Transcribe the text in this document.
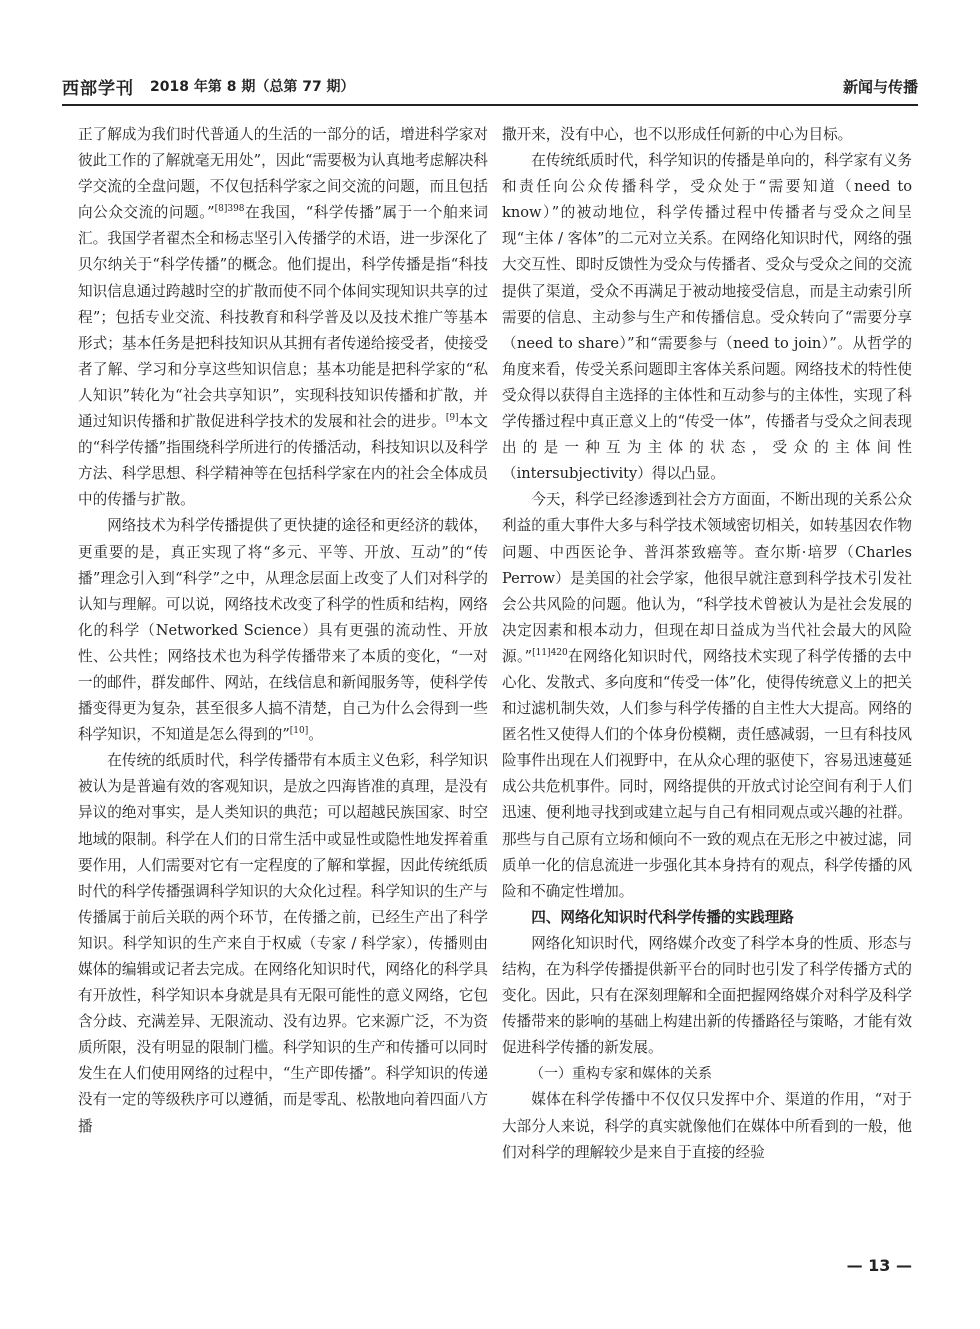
西部学刊 2018 年第 8 期（总第 77 期）	新闻与传播

正了解成为我们时代普通人的生活的一部分的话，增进科学家对彼此工作的了解就毫无用处”，因此“需要极为认真地考虑解决科学交流的全盘问题，不仅包括科学家之间交流的问题，而且包括向公众交流的问题。”$^{[8]398}$在我国，“科学传播”属于一个舶来词汇。我国学者翟杰全和杨志坚引入传播学的术语，进一步深化了贝尔纳关于“科学传播”的概念。他们提出，科学传播是指“科技知识信息通过跨越时空的扩散而使不同个体间实现知识共享的过程”；包括专业交流、科技教育和科学普及以及技术推广等基本形式；基本任务是把科技知识从其拥有者传递给接受者，使接受者了解、学习和分享这些知识信息；基本功能是把科学家的“私人知识”转化为“社会共享知识”，实现科技知识传播和扩散，并通过知识传播和扩散促进科学技术的发展和社会的进步。[9]本文的“科学传播”指围绕科学所进行的传播活动，科技知识以及科学方法、科学思想、科学精神等在包括科学家在内的社会全体成员中的传播与扩散。

网络技术为科学传播提供了更快捷的途径和更经济的载体，更重要的是，真正实现了将“多元、平等、开放、互动”的“传播”理念引入到“科学”之中，从理念层面上改变了人们对科学的认知与理解。可以说，网络技术改变了科学的性质和结构，网络化的科学（Networked Science）具有更强的流动性、开放性、公共性；网络技术也为科学传播带来了本质的变化，“一对一的邮件，群发邮件、网站，在线信息和新闻服务等，使科学传播变得更为复杂，甚至很多人搞不清楚，自己为什么会得到一些科学知识，不知道是怎么得到的”[10]。

在传统的纸质时代，科学传播带有本质主义色彩，科学知识被认为是普遍有效的客观知识，是放之四海皆准的真理，是没有异议的绝对事实，是人类知识的典范；可以超越民族国家、时空地域的限制。科学在人们的日常生活中或显性或隐性地发挥着重要作用，人们需要对它有一定程度的了解和掌握，因此传统纸质时代的科学传播强调科学知识的大众化过程。科学知识的生产与传播属于前后关联的两个环节，在传播之前，已经生产出了科学知识。科学知识的生产来自于权威（专家 / 科学家），传播则由媒体的编辑或记者去完成。在网络化知识时代，网络化的科学具有开放性，科学知识本身就是具有无限可能性的意义网络，它包含分歧、充满差异、无限流动、没有边界。它来源广泛，不为资质所限，没有明显的限制门槛。科学知识的生产和传播可以同时发生在人们使用网络的过程中，“生产即传播”。科学知识的传递没有一定的等级秩序可以遵循，而是零乱、松散地向着四面八方播

撒开来，没有中心，也不以形成任何新的中心为目标。

在传统纸质时代，科学知识的传播是单向的，科学家有义务和责任向公众传播科学，受众处于“需要知道（need to know）”的被动地位，科学传播过程中传播者与受众之间呈现“主体 / 客体”的二元对立关系。在网络化知识时代，网络的强大交互性、即时反馈性为受众与传播者、受众与受众之间的交流提供了渠道，受众不再满足于被动地接受信息，而是主动索引所需要的信息、主动参与生产和传播信息。受众转向了“需要分享（need to share）”和“需要参与（need to join）”。从哲学的角度来看，传受关系问题即主客体关系问题。网络技术的特性使受众得以获得自主选择的主体性和互动参与的主体性，实现了科学传播过程中真正意义上的“传受一体”，传播者与受众之间表现出的是一种互为主体的状态，受众的主体间性（intersubjectivity）得以凸显。

今天，科学已经渗透到社会方方面面，不断出现的关系公众利益的重大事件大多与科学技术领域密切相关，如转基因农作物问题、中西医论争、普洱茶致癌等。查尔斯·培罗（Charles Perrow）是美国的社会学家，他很早就注意到科学技术引发社会公共风险的问题。他认为，“科学技术曾被认为是社会发展的决定因素和根本动力，但现在却日益成为当代社会最大的风险源。”$^{[11]420}$在网络化知识时代，网络技术实现了科学传播的去中心化、发散式、多向度和“传受一体”化，使得传统意义上的把关和过滤机制失效，人们参与科学传播的自主性大大提高。网络的匿名性又使得人们的个体身份模糊，责任感减弱，一旦有科技风险事件出现在人们视野中，在从众心理的驱使下，容易迅速蔓延成公共危机事件。同时，网络提供的开放式讨论空间有利于人们迅速、便利地寻找到或建立起与自己有相同观点或兴趣的社群。那些与自己原有立场和倾向不一致的观点在无形之中被过滤，同质单一化的信息流进一步强化其本身持有的观点，科学传播的风险和不确定性增加。

四、网络化知识时代科学传播的实践理路

网络化知识时代，网络媒介改变了科学本身的性质、形态与结构，在为科学传播提供新平台的同时也引发了科学传播方式的变化。因此，只有在深刻理解和全面把握网络媒介对科学及科学传播带来的影响的基础上构建出新的传播路径与策略，才能有效促进科学传播的新发展。

（一）重构专家和媒体的关系

媒体在科学传播中不仅仅只发挥中介、渠道的作用，“对于大部分人来说，科学的真实就像他们在媒体中所看到的一般，他们对科学的理解较少是来自于直接的经验

— 13 —
